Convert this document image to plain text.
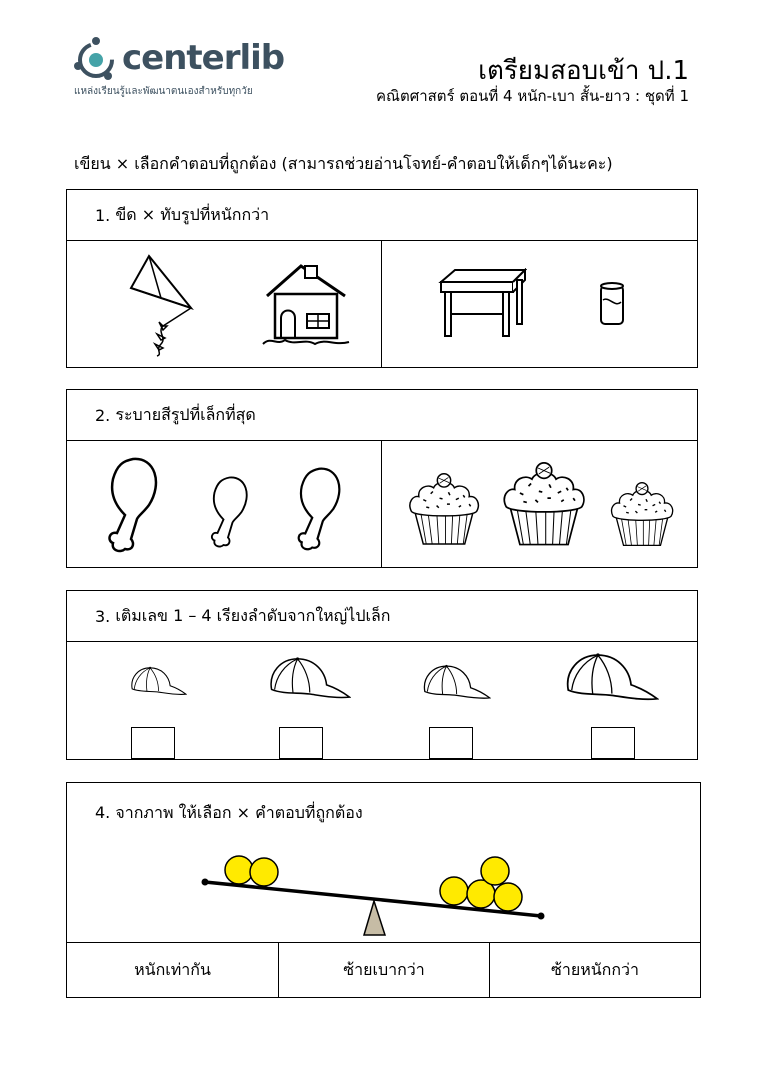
centerlib
แหล่งเรียนรู้และพัฒนาตนเองสำหรับทุกวัย
เตรียมสอบเข้า ป.1
คณิตศาสตร์ ตอนที่ 4 หนัก-เบา สั้น-ยาว : ชุดที่ 1
เขียน × เลือกคำตอบที่ถูกต้อง (สามารถช่วยอ่านโจทย์-คำตอบให้เด็กๆได้นะคะ)
1.
ขีด × ทับรูปที่หนักกว่า
2.
ระบายสีรูปที่เล็กที่สุด
3.
เติมเลข 1 – 4 เรียงลำดับจากใหญ่ไปเล็ก
4. จากภาพ ให้เลือก × คำตอบที่ถูกต้อง
หนักเท่ากัน	ซ้ายเบากว่า	ซ้ายหนักกว่า
